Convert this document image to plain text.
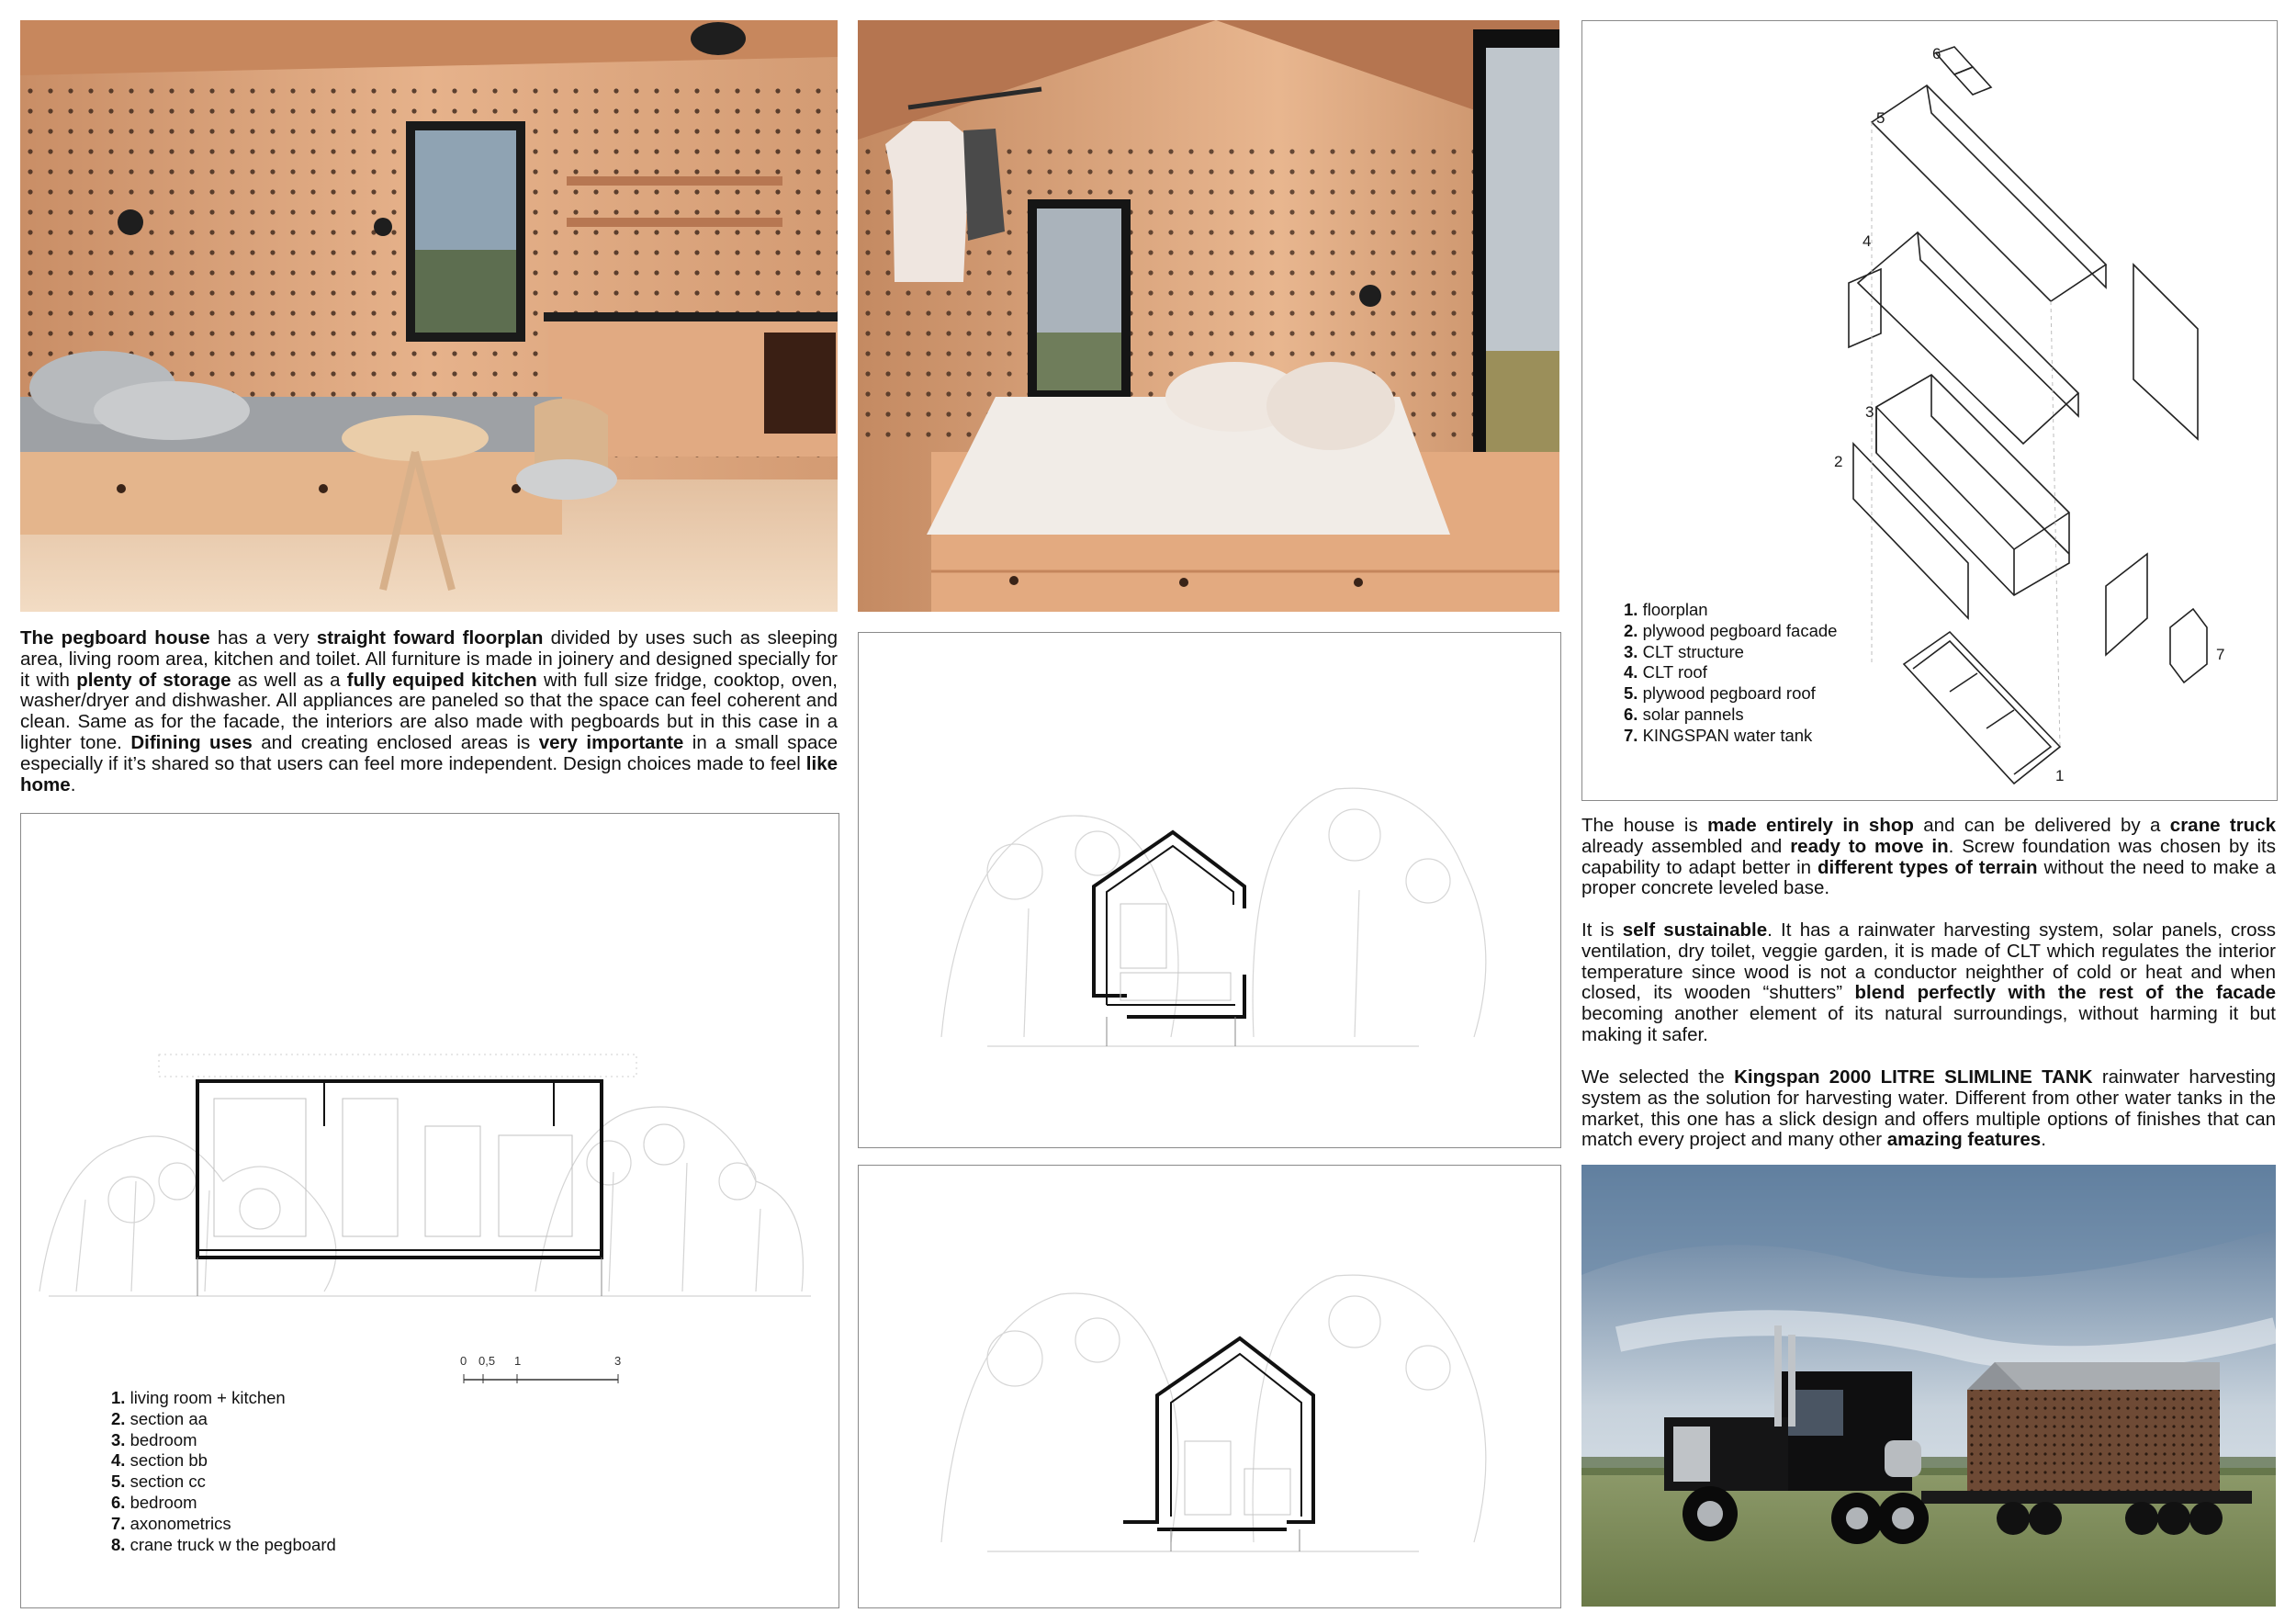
The pegboard house has a very straight foward floorplan divided by uses such as sleeping area, living room area, kitchen and toilet. All furniture is made in joinery and designed specially for it with plenty of storage as well as a fully equiped kitchen with full size fridge, cooktop, oven, washer/dryer and dishwasher. All appliances are paneled so that the space can feel coherent and clean. Same as for the facade, the interiors are also made with pegboards but in this case in a lighter tone. Difining uses and creating enclosed areas is very importante in a small space especially if it’s shared so that users can feel more independent. Design choices made to feel like home.
0 0,5 1	3
1. living room + kitchen
2. section aa
3. bedroom
4. section bb
5. section cc
6. bedroom
7. axonometrics
8. crane truck w the pegboard
6
5
4
3
2
7
1
1. floorplan
2. plywood pegboard facade
3. CLT structure
4. CLT roof
5. plywood pegboard roof
6. solar pannels
7. KINGSPAN water tank
The house is made entirely in shop and can be delivered by a crane truck already assembled and ready to move in. Screw foundation was chosen by its capability to adapt better in different types of terrain without the need to make a proper concrete leveled base.
It is self sustainable. It has a rainwater harvesting system, solar panels, cross ventilation, dry toilet, veggie garden, it is made of CLT which regulates the interior temperature since wood is not a conductor neighther of cold or heat and when closed, its wooden “shutters” blend perfectly with the rest of the facade becoming another element of its natural surroundings, without harming it but making it safer.
We selected the Kingspan 2000 LITRE SLIMLINE TANK rainwater harvesting system as the solution for harvesting water. Different from other water tanks in the market, this one has a slick design and offers multiple options of finishes that can match every project and many other amazing features.
